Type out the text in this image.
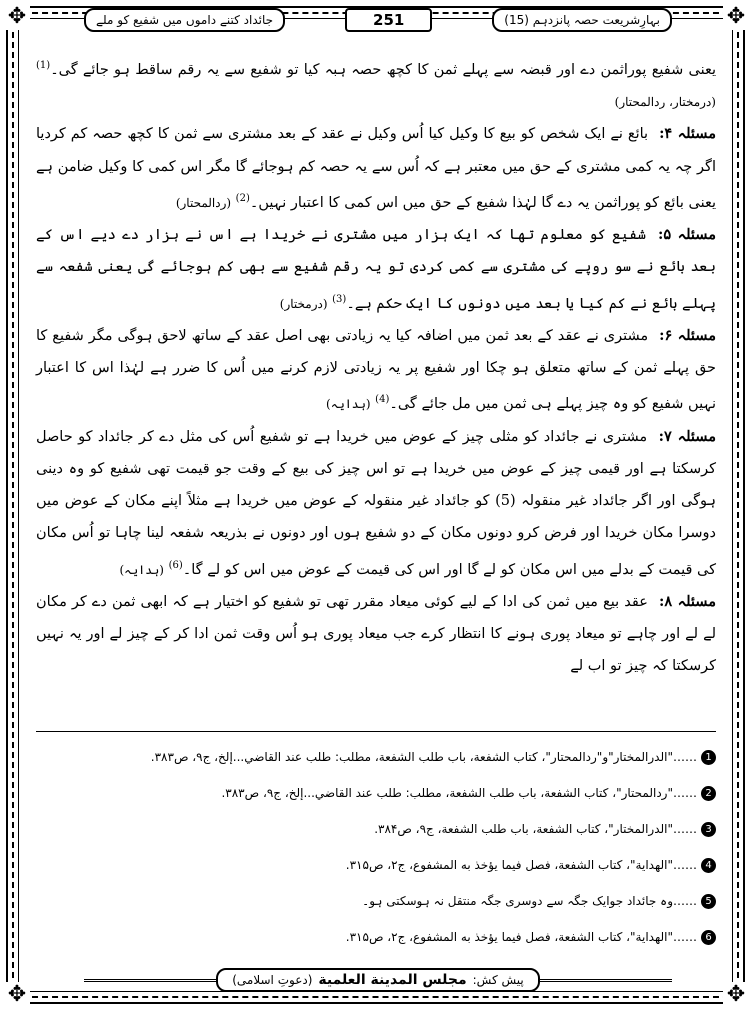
✥	✥
✥	✥
جائداد کتنے داموں میں شفیع کو ملے	251	بہارِشریعت حصہ پانزدہم (15)

یعنی شفیع پوراثمن دے اور قبضہ سے پہلے ثمن کا کچھ حصہ ہبہ کیا تو شفیع سے یہ رقم ساقط ہو جائے گی۔$^{(1)}$ (درمختار، ردالمحتار)

مسئلہ ۴: بائع نے ایک شخص کو بیع کا وکیل کیا اُس وکیل نے عقد کے بعد مشتری سے ثمن کا کچھ حصہ کم کردیا اگر چہ یہ کمی مشتری کے حق میں معتبر ہے کہ اُس سے یہ حصہ کم ہوجائے گا مگر اس کمی کا وکیل ضامن ہے یعنی بائع کو پوراثمن یہ دے گا لہٰذا شفیع کے حق میں اس کمی کا اعتبار نہیں۔$^{(2)}$ (ردالمحتار)

مسئلہ ۵: شفیع کو معلوم تھا کہ ایک ہزار میں مشتری نے خریدا ہے اس نے ہزار دے دیے اس کے بعد بائع نے سو روپے کی مشتری سے کمی کردی تو یہ رقم شفیع سے بھی کم ہوجائے گی یعنی شفعہ سے پہلے بائع نے کم کیا یا بعد میں دونوں کا ایک حکم ہے۔$^{(3)}$ (درمختار)

مسئلہ ۶: مشتری نے عقد کے بعد ثمن میں اضافہ کیا یہ زیادتی بھی اصل عقد کے ساتھ لاحق ہوگی مگر شفیع کا حق پہلے ثمن کے ساتھ متعلق ہو چکا اور شفیع پر یہ زیادتی لازم کرنے میں اُس کا ضرر ہے لہٰذا اس کا اعتبار نہیں شفیع کو وہ چیز پہلے ہی ثمن میں مل جائے گی۔$^{(4)}$ (ہدایہ)

مسئلہ ۷: مشتری نے جائداد کو مثلی چیز کے عوض میں خریدا ہے تو شفیع اُس کی مثل دے کر جائداد کو حاصل کرسکتا ہے اور قیمی چیز کے عوض میں خریدا ہے تو اس چیز کی بیع کے وقت جو قیمت تھی شفیع کو وہ دینی ہوگی اور اگر جائداد غیر منقولہ (5) کو جائداد غیر منقولہ کے عوض میں خریدا ہے مثلاً اپنے مکان کے عوض میں دوسرا مکان خریدا اور فرض کرو دونوں مکان کے دو شفیع ہوں اور دونوں نے بذریعہ شفعہ لینا چاہا تو اُس مکان کی قیمت کے بدلے میں اس مکان کو لے گا اور اس کی قیمت کے عوض میں اس کو لے گا۔$^{(6)}$ (ہدایہ)

مسئلہ ۸: عقد بیع میں ثمن کی ادا کے لیے کوئی میعاد مقرر تھی تو شفیع کو اختیار ہے کہ ابھی ثمن دے کر مکان لے لے اور چاہے تو میعاد پوری ہونے کا انتظار کرے جب میعاد پوری ہو اُس وقت ثمن ادا کر کے چیز لے اور یہ نہیں کرسکتا کہ چیز تو اب لے

1
……"الدرالمختار"و"ردالمحتار"، كتاب الشفعة، باب طلب الشفعة، مطلب: طلب عند القاضي...إلخ، ج۹، ص۳۸۳.
2
……"ردالمحتار"، كتاب الشفعة، باب طلب الشفعة، مطلب: طلب عند القاضي...إلخ، ج۹، ص۳۸۳.
3
……"الدرالمختار"، كتاب الشفعة، باب طلب الشفعة، ج۹، ص۳۸۴.
4
……"الهداية"، كتاب الشفعة، فصل فيما يؤخذ به المشفوع، ج۲، ص۳۱۵.
5
……وہ جائداد جوایک جگہ سے دوسری جگہ منتقل نہ ہوسکتی ہو۔
6
……"الهداية"، كتاب الشفعة، فصل فيما يؤخذ به المشفوع، ج۲، ص۳۱۵.
پیش کش:
مجلس المدينة العلمية
(دعوتِ اسلامی)
